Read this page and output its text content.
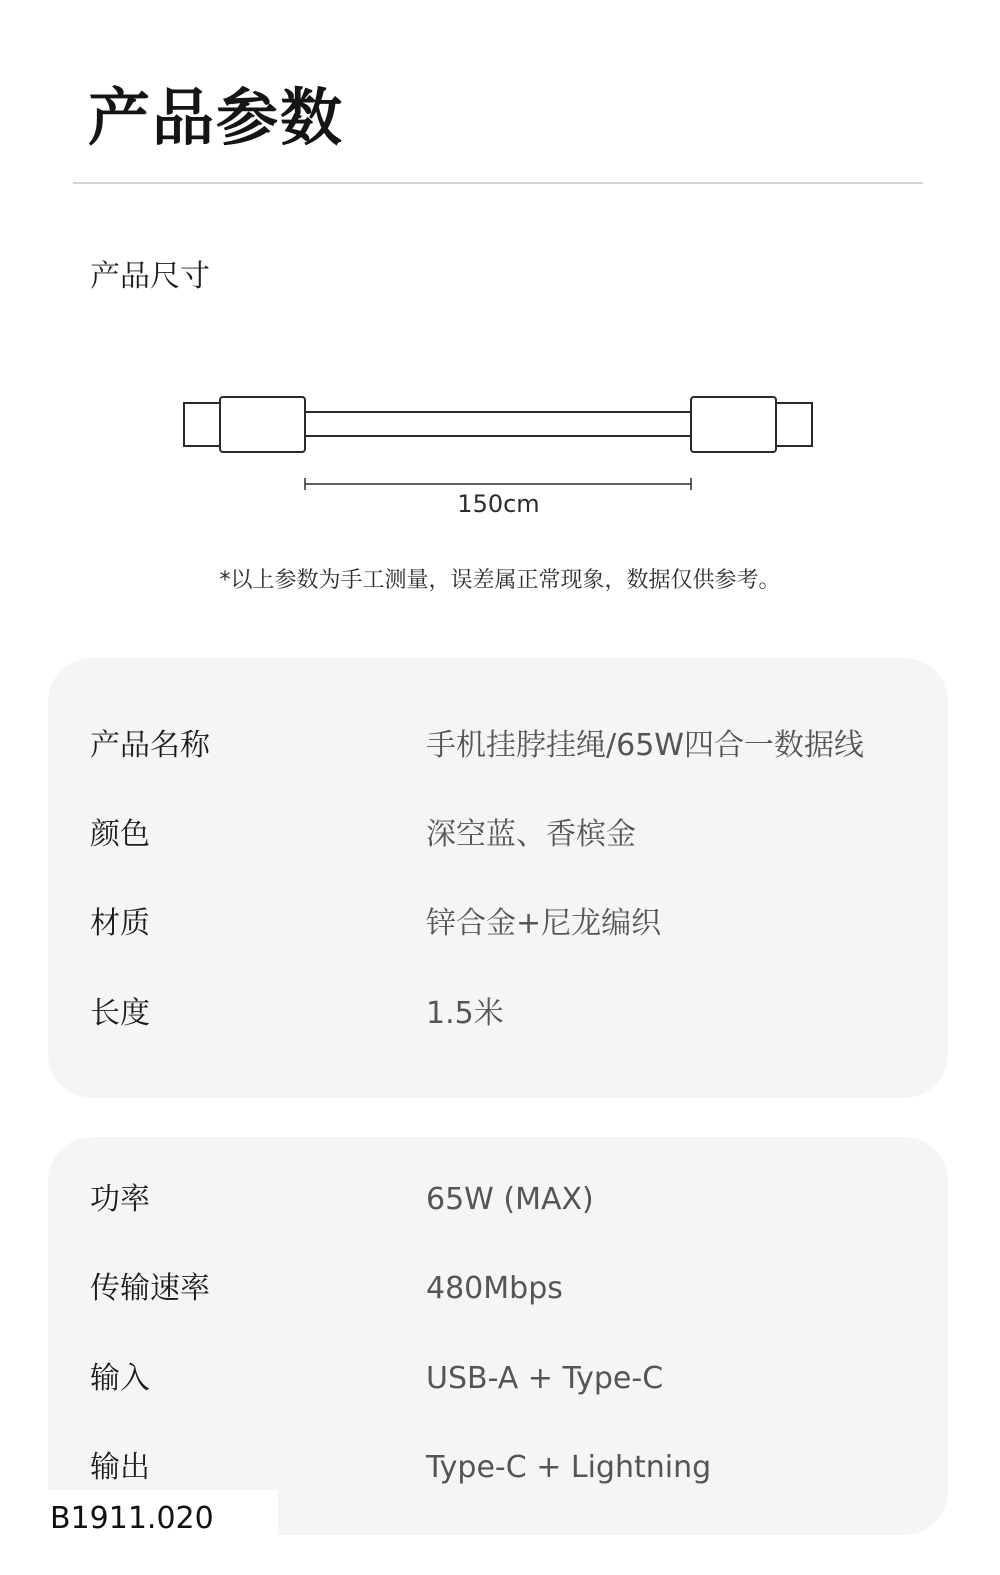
产品参数
产品尺寸
150cm
*以上参数为手工测量，误差属正常现象，数据仅供参考。
产品名称	手机挂脖挂绳/65W四合一数据线
颜色	深空蓝、香槟金
材质	锌合金+尼龙编织
长度	1.5米
功率	65W (MAX)
传输速率	480Mbps
输入	USB-A + Type-C
输出	Type-C + Lightning
B1911.020
